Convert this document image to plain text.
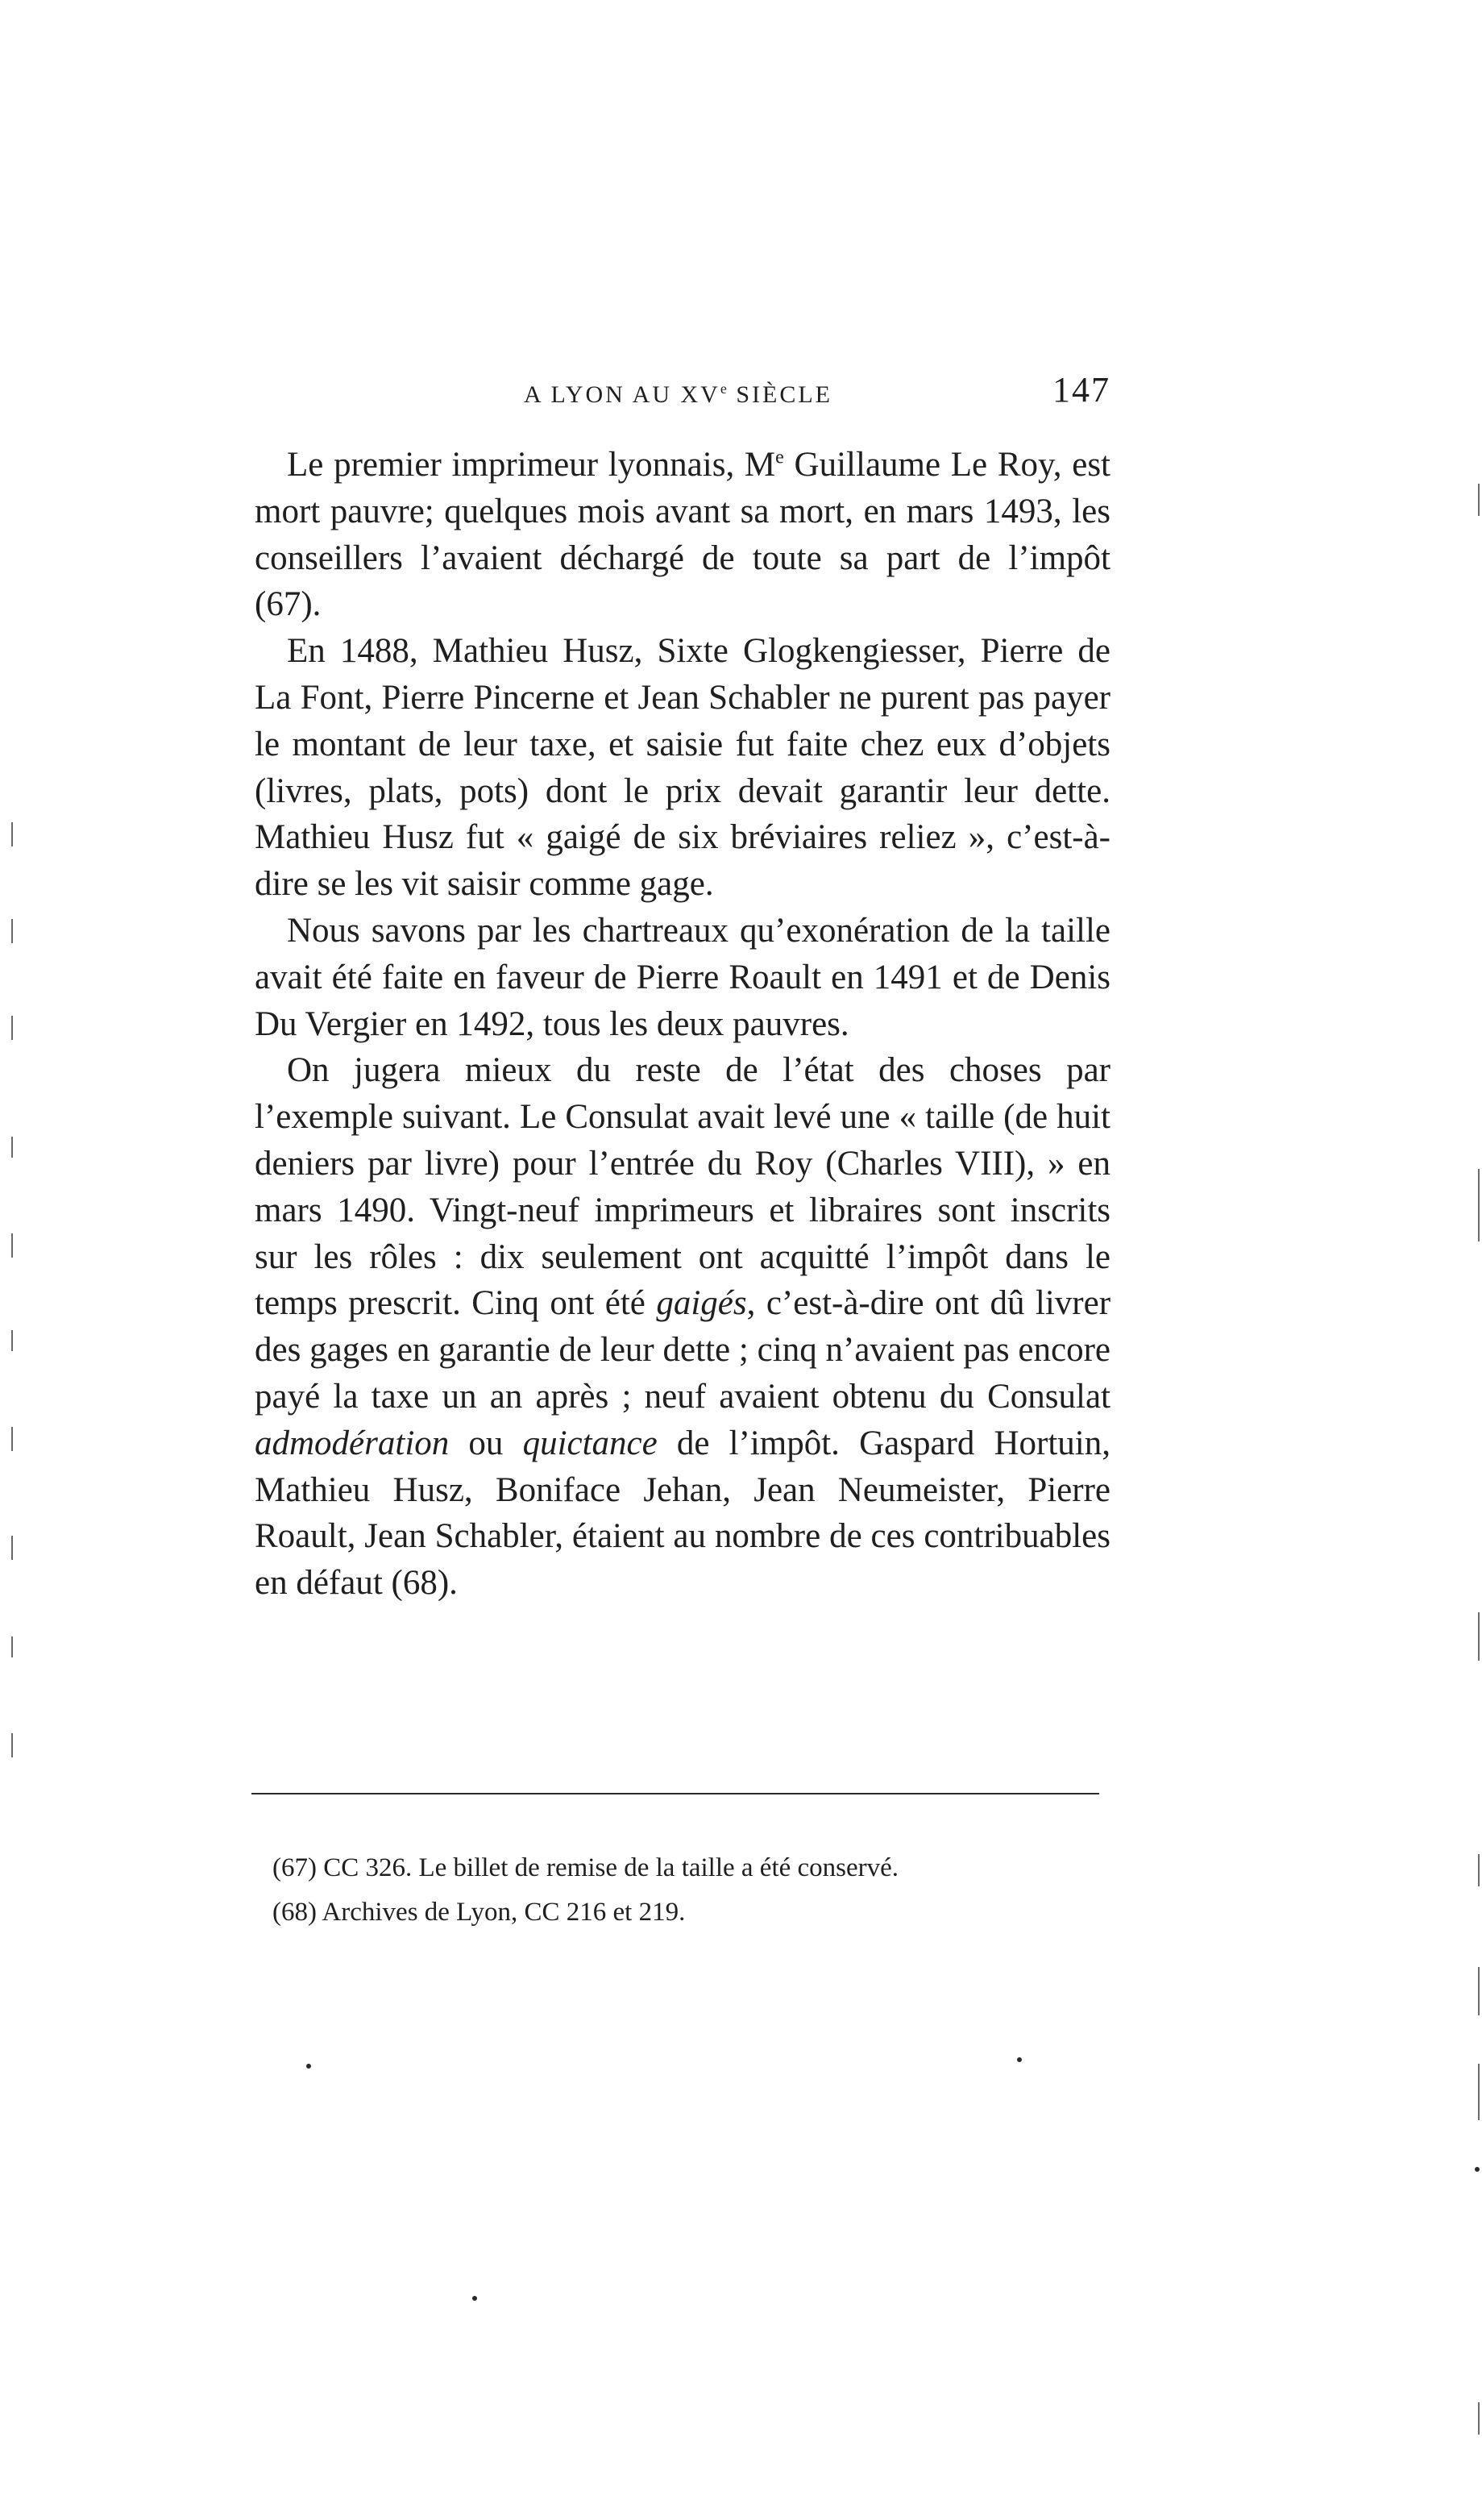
A LYON AU XVe SIÈCLE	147

Le premier imprimeur lyonnais, Me Guillaume Le Roy, est mort pauvre; quelques mois avant sa mort, en mars 1493, les conseillers l’avaient déchargé de toute sa part de l’impôt (67).

En 1488, Mathieu Husz, Sixte Glogkengiesser, Pierre de La Font, Pierre Pincerne et Jean Schabler ne purent pas payer le montant de leur taxe, et saisie fut faite chez eux d’objets (livres, plats, pots) dont le prix devait garantir leur dette. Mathieu Husz fut « gaigé de six bréviaires reliez », c’est-à-dire se les vit saisir comme gage.

Nous savons par les chartreaux qu’exonération de la taille avait été faite en faveur de Pierre Roault en 1491 et de Denis Du Vergier en 1492, tous les deux pauvres.

On jugera mieux du reste de l’état des choses par l’exemple suivant. Le Consulat avait levé une « taille (de huit deniers par livre) pour l’entrée du Roy (Charles VIII), » en mars 1490. Vingt-neuf imprimeurs et libraires sont inscrits sur les rôles : dix seulement ont acquitté l’impôt dans le temps prescrit. Cinq ont été gaigés, c’est-à-dire ont dû livrer des gages en garantie de leur dette ; cinq n’avaient pas encore payé la taxe un an après ; neuf avaient obtenu du Consulat admodération ou quictance de l’impôt. Gaspard Hortuin, Mathieu Husz, Boniface Jehan, Jean Neumeister, Pierre Roault, Jean Schabler, étaient au nombre de ces contribuables en défaut (68).

(67) CC 326. Le billet de remise de la taille a été conservé.
(68) Archives de Lyon, CC 216 et 219.
